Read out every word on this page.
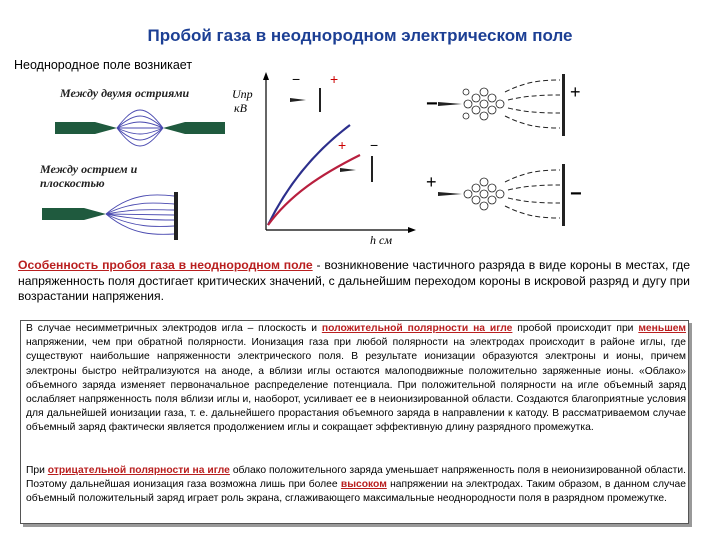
Пробой газа в неоднородном электрическом поле
Неоднородное поле возникает
Между двумя остриями
Между острием и
плоскостью
− +
+ −
Uпр
кВ
h см
−
+
+
−
Особенность пробоя газа в неоднородном поле - возникновение частичного разряда в виде короны в местах, где напряженность поля достигает критических значений, с дальнейшим переходом короны в искровой разряд и дугу при возрастании напряжения.
В случае несимметричных электродов игла – плоскость и положительной полярности на игле пробой происходит при меньшем напряжении, чем при обратной полярности. Ионизация газа при любой полярности на электродах происходит в районе иглы, где существуют наибольшие напряженности электрического поля. В результате ионизации образуются электроны и ионы, причем электроны быстро нейтрализуются на аноде, а вблизи иглы остаются малоподвижные положительно заряженные ионы. «Облако» объемного заряда изменяет первоначальное распределение потенциала. При положительной полярности на игле объемный заряд ослабляет напряженность поля вблизи иглы и, наоборот, усиливает ее в неионизированной области. Создаются благоприятные условия для дальнейшей ионизации газа, т. е. дальнейшего прорастания объемного заряда в направлении к катоду. В рассматриваемом случае объемный заряд фактически является продолжением иглы и сокращает эффективную длину разрядного промежутка.
При отрицательной полярности на игле облако положительного заряда уменьшает напряженность поля в неионизированной области. Поэтому дальнейшая ионизация газа возможна лишь при более высоком напряжении на электродах. Таким образом, в данном случае объемный положительный заряд играет роль экрана, сглаживающего максимальные неоднородности поля в разрядном промежутке.
